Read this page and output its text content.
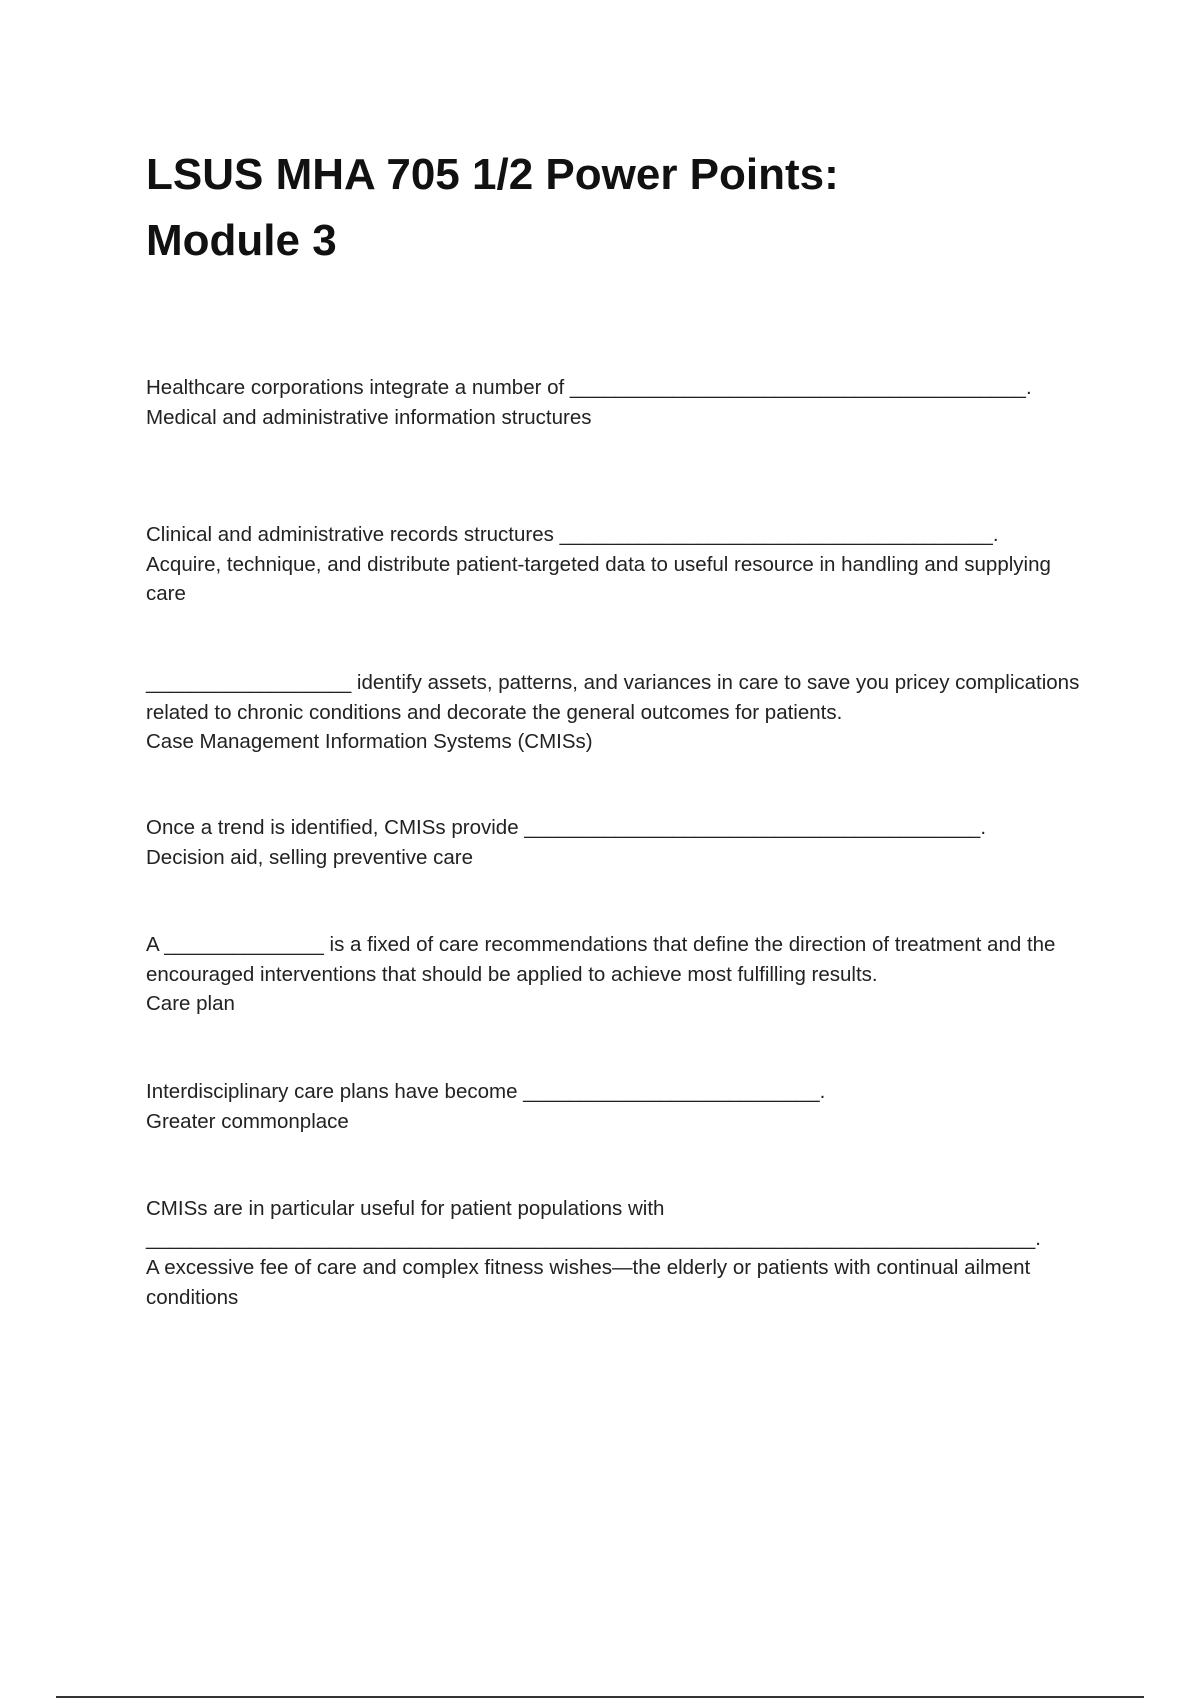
LSUS MHA 705 1/2 Power Points:
Module 3

Healthcare corporations integrate a number of ________________________________________.

Medical and administrative information structures

Clinical and administrative records structures ______________________________________.

Acquire, technique, and distribute patient-targeted data to useful resource in handling and supplying care

__________________ identify assets, patterns, and variances in care to save you pricey complications related to chronic conditions and decorate the general outcomes for patients.

Case Management Information Systems (CMISs)

Once a trend is identified, CMISs provide ________________________________________.

Decision aid, selling preventive care

A ______________ is a fixed of care recommendations that define the direction of treatment and the encouraged interventions that should be applied to achieve most fulfilling results.

Care plan

Interdisciplinary care plans have become __________________________.

Greater commonplace

CMISs are in particular useful for patient populations with ______________________________________________________________________________.

A excessive fee of care and complex fitness wishes—the elderly or patients with continual ailment conditions
